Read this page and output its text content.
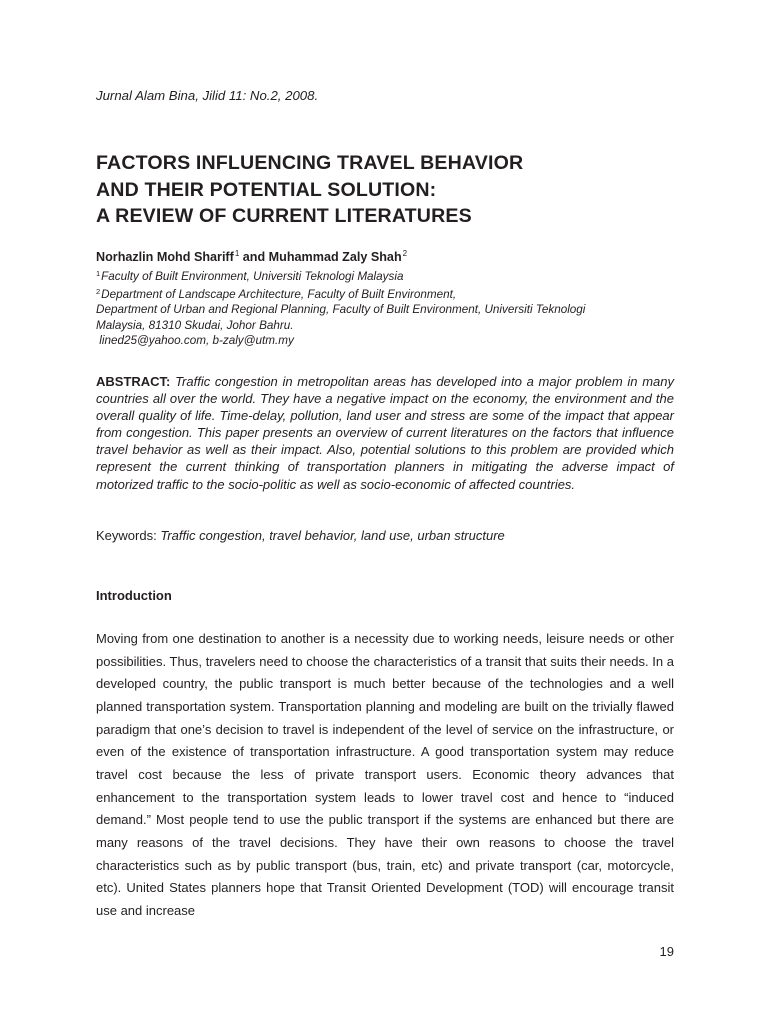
Jurnal Alam Bina, Jilid 11: No.2, 2008.
FACTORS INFLUENCING TRAVEL BEHAVIOR
AND THEIR POTENTIAL SOLUTION:
A REVIEW OF CURRENT LITERATURES
Norhazlin Mohd Shariff$^1$ and Muhammad Zaly Shah$^2$
$^1$Faculty of Built Environment, Universiti Teknologi Malaysia
$^2$Department of Landscape Architecture, Faculty of Built Environment,
Department of Urban and Regional Planning, Faculty of Built Environment, Universiti Teknologi
Malaysia, 81310 Skudai, Johor Bahru.
lined25@yahoo.com, b-zaly@utm.my
ABSTRACT: Traffic congestion in metropolitan areas has developed into a major problem in many countries all over the world. They have a negative impact on the economy, the environment and the overall quality of life. Time-delay, pollution, land user and stress are some of the impact that appear from congestion. This paper presents an overview of current literatures on the factors that influence travel behavior as well as their impact. Also, potential solutions to this problem are provided which represent the current thinking of transportation planners in mitigating the adverse impact of motorized traffic to the socio-politic as well as socio-economic of affected countries.
Keywords: Traffic congestion, travel behavior, land use, urban structure
Introduction
Moving from one destination to another is a necessity due to working needs, leisure needs or other possibilities. Thus, travelers need to choose the characteristics of a transit that suits their needs. In a developed country, the public transport is much better because of the technologies and a well planned transportation system. Transportation planning and modeling are built on the trivially flawed paradigm that one’s decision to travel is independent of the level of service on the infrastructure, or even of the existence of transportation infrastructure. A good transportation system may reduce travel cost because the less of private transport users. Economic theory advances that enhancement to the transportation system leads to lower travel cost and hence to “induced demand.” Most people tend to use the public transport if the systems are enhanced but there are many reasons of the travel decisions. They have their own reasons to choose the travel characteristics such as by public transport (bus, train, etc) and private transport (car, motorcycle, etc). United States planners hope that Transit Oriented Development (TOD) will encourage transit use and increase
19
